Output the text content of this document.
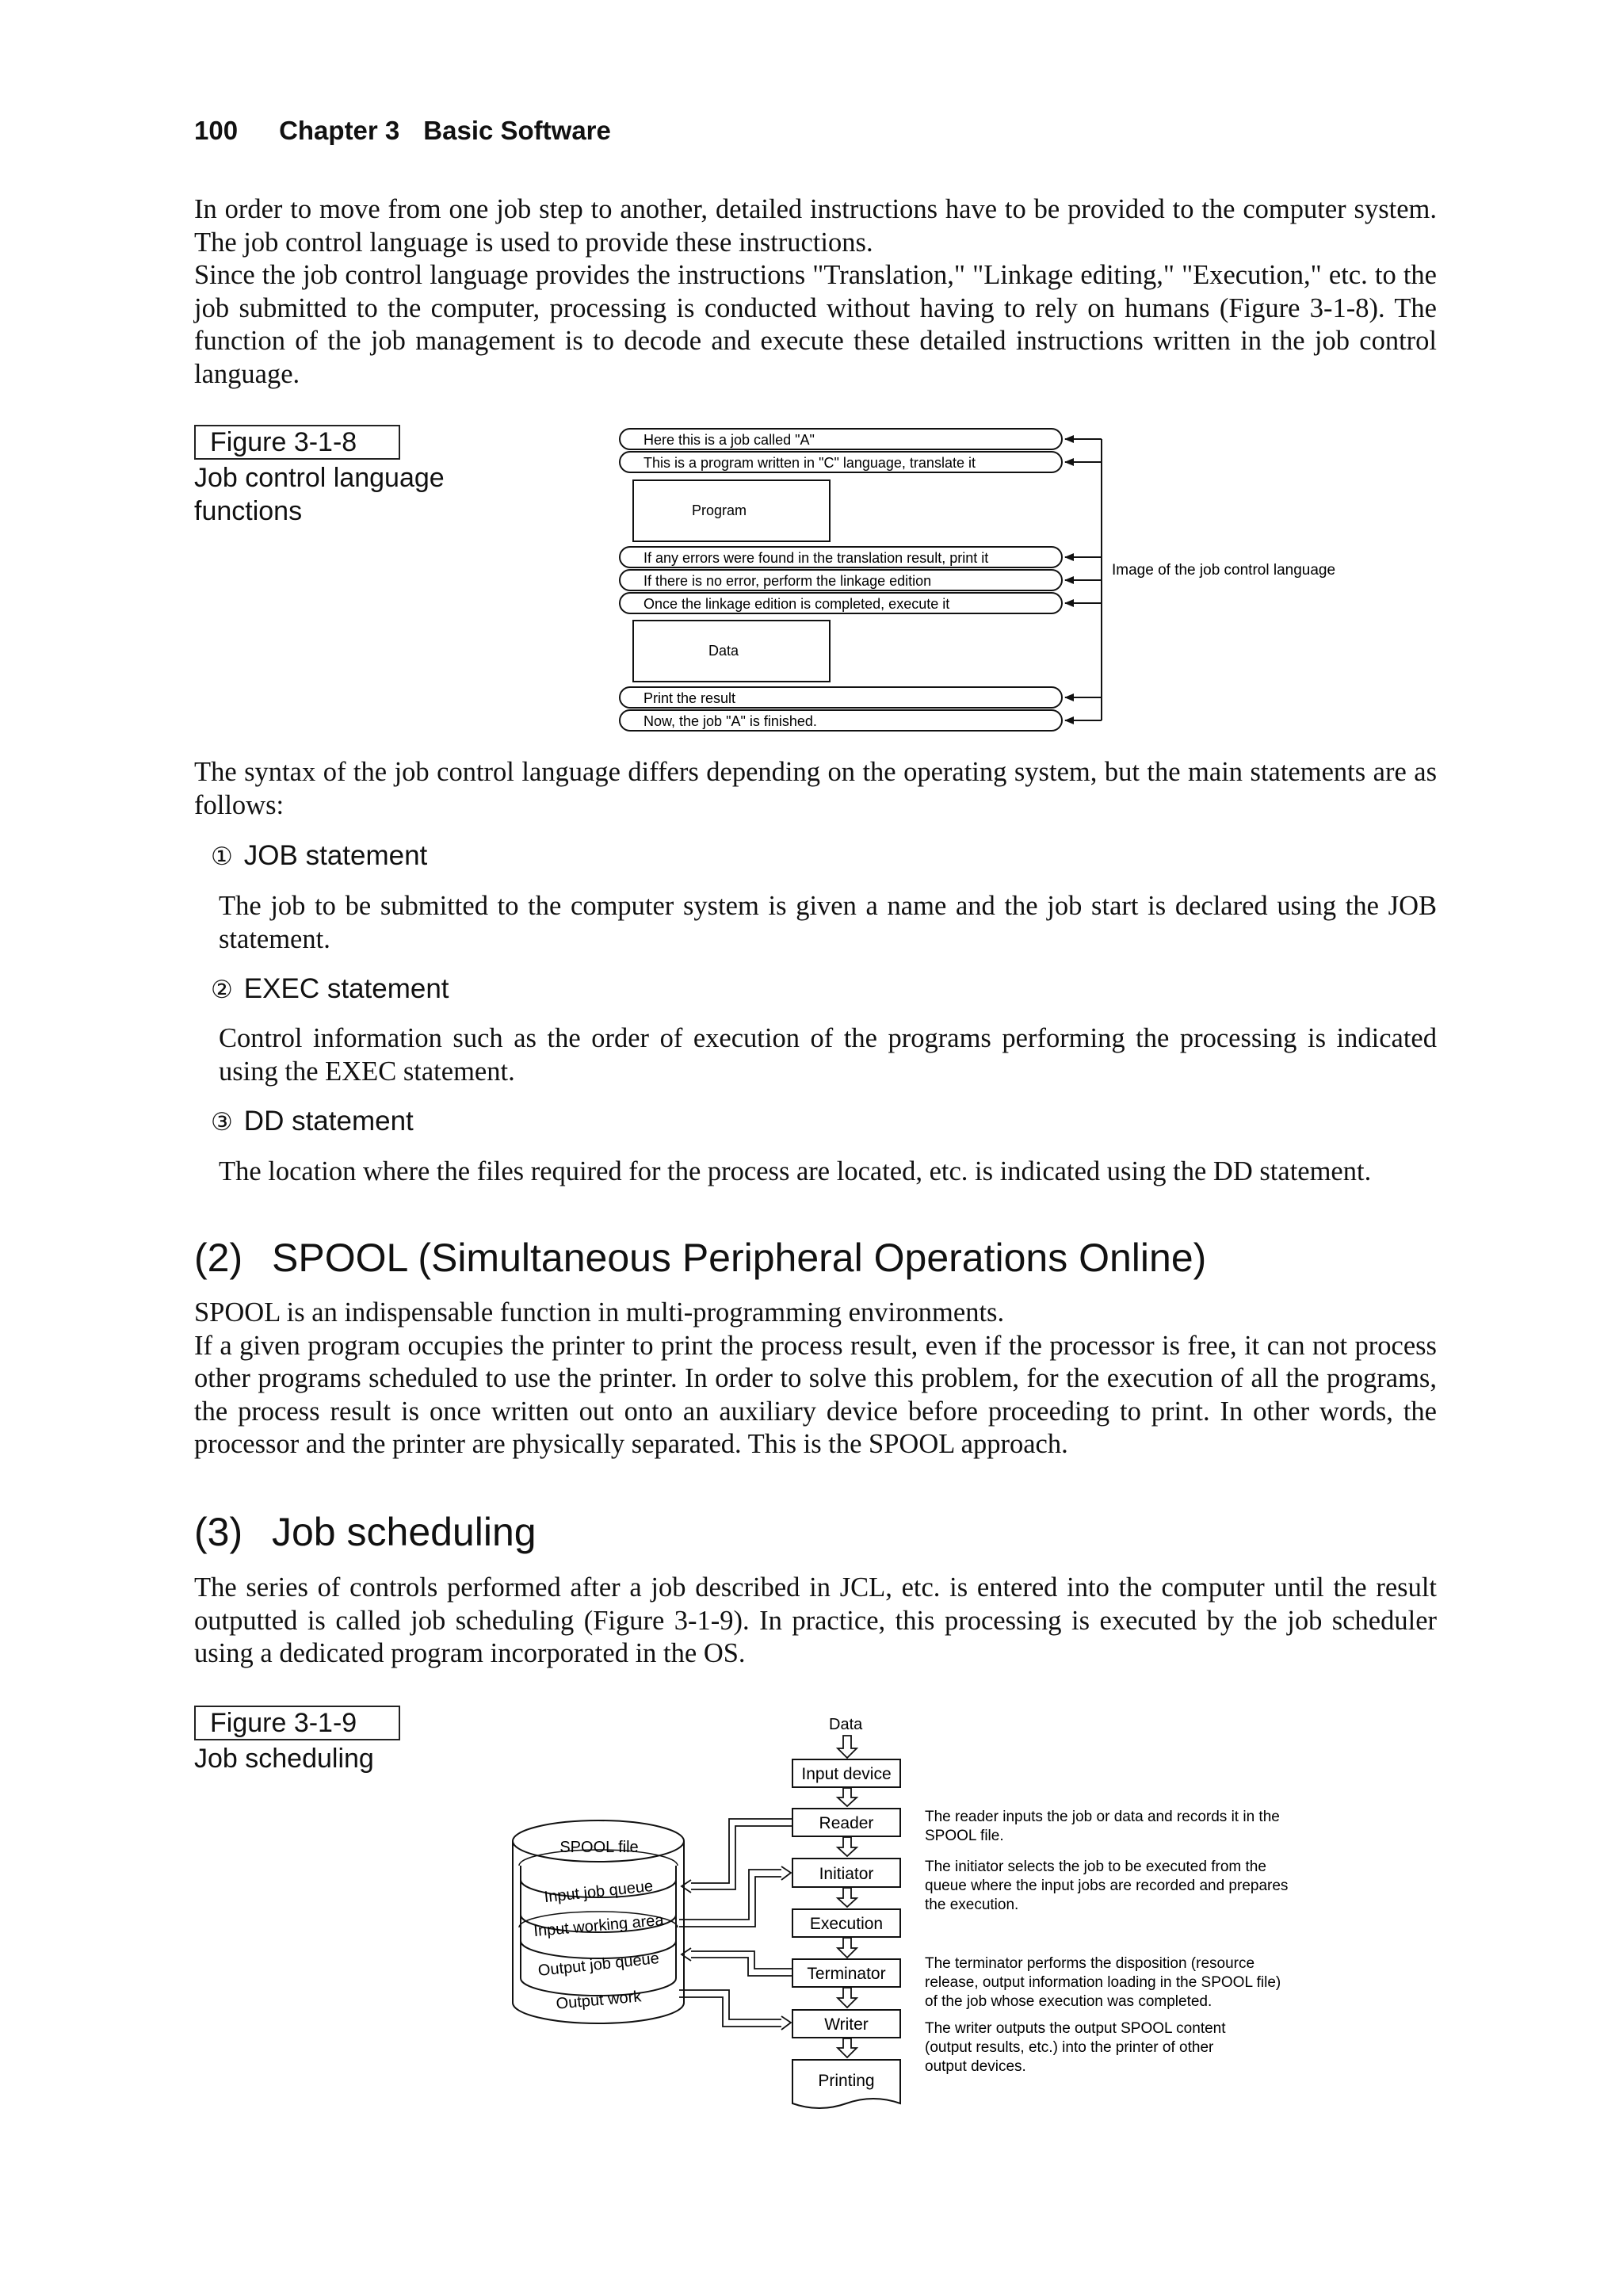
100 Chapter 3 Basic Software

In order to move from one job step to another, detailed instructions have to be provided to the computer system. The job control language is used to provide these instructions.

Since the job control language provides the instructions "Translation," "Linkage editing," "Execution," etc. to the job submitted to the computer, processing is conducted without having to rely on humans (Figure 3-1-8). The function of the job management is to decode and execute these detailed instructions written in the job control language.

Figure 3-1-8
Job control language
functions
Here this is a job called "A"
This is a program written in "C" language, translate it
Program
If any errors were found in the translation result, print it
If there is no error, perform the linkage edition
Once the linkage edition is completed, execute it
Data
Print the result
Now, the job "A" is finished.
Image of the job control language
Data
Input device
Reader
Initiator
Execution
Terminator
Writer
Printing
SPOOL file
Input job queue
Input working area
Output job queue
Output work
The reader inputs the job or data and records it in the
SPOOL file.
The initiator selects the job to be executed from the
queue where the input jobs are recorded and prepares
the execution.
The terminator performs the disposition (resource
release, output information loading in the SPOOL file)
of the job whose execution was completed.
The writer outputs the output SPOOL content
(output results, etc.) into the printer of other
output devices.

The syntax of the job control language differs depending on the operating system, but the main statements are as follows:

① JOB statement
The job to be submitted to the computer system is given a name and the job start is declared using the JOB statement.
② EXEC statement
Control information such as the order of execution of the programs performing the processing is indicated using the EXEC statement.
③ DD statement
The location where the files required for the process are located, etc. is indicated using the DD statement.
(2) SPOOL (Simultaneous Peripheral Operations Online)

SPOOL is an indispensable function in multi-programming environments.

If a given program occupies the printer to print the process result, even if the processor is free, it can not process other programs scheduled to use the printer. In order to solve this problem, for the execution of all the programs, the process result is once written out onto an auxiliary device before proceeding to print. In other words, the processor and the printer are physically separated. This is the SPOOL approach.

(3) Job scheduling

The series of controls performed after a job described in JCL, etc. is entered into the computer until the result outputted is called job scheduling (Figure 3-1-9). In practice, this processing is executed by the job scheduler using a dedicated program incorporated in the OS.

Figure 3-1-9
Job scheduling
